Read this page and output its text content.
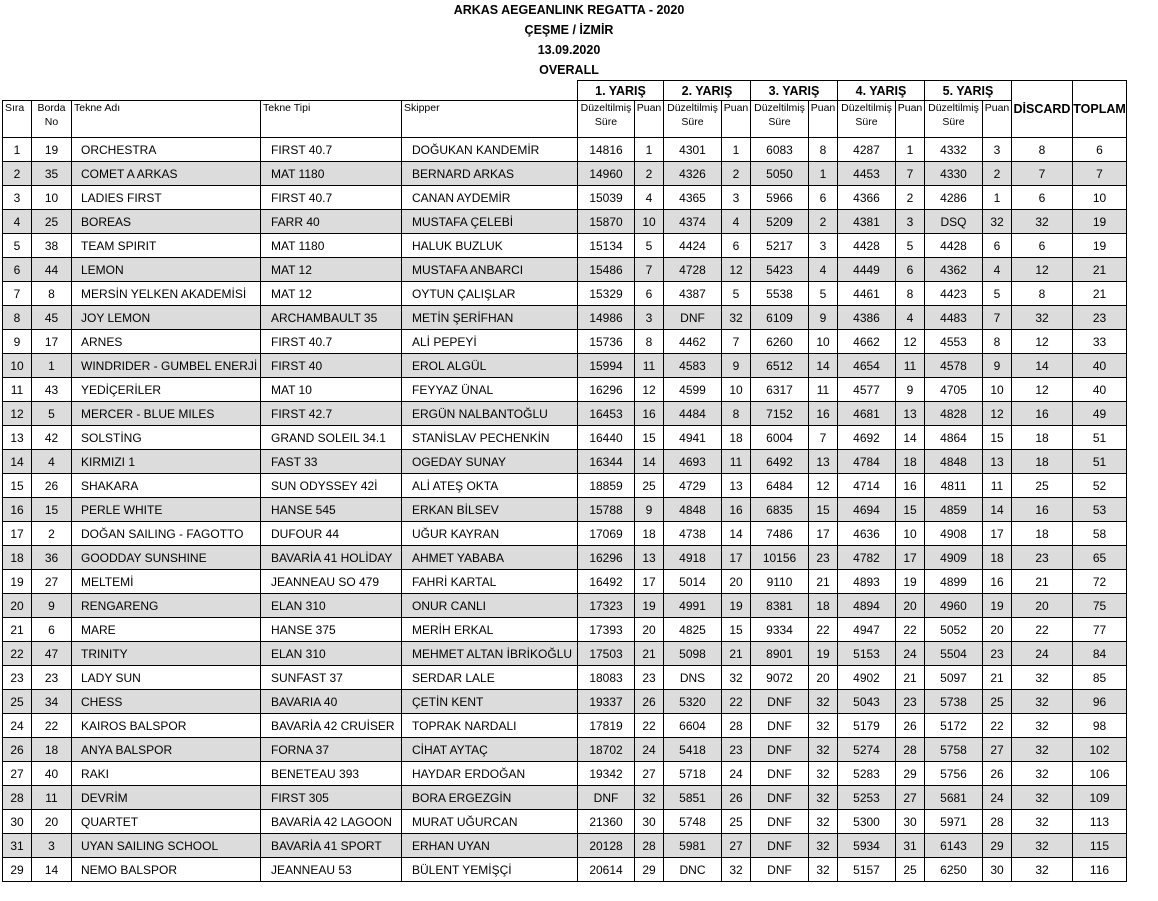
ARKAS AEGEANLINK REGATTA - 2020
ÇEŞME / İZMİR
13.09.2020
OVERALL
					1. YARIŞ		2. YARIŞ		3. YARIŞ		4. YARIŞ		5. YARIŞ		DİSCARD	TOPLAM
Sıra	Borda No	Tekne Adı	Tekne Tipi	Skipper	Düzeltilmiş Süre	Puan	Düzeltilmiş Süre	Puan	Düzeltilmiş Süre	Puan	Düzeltilmiş Süre	Puan	Düzeltilmiş Süre	Puan		
1	19	ORCHESTRA	FIRST 40.7	DOĞUKAN KANDEMİR	14816	1	4301	1	6083	8	4287	1	4332	3	8	6
2	35	COMET A ARKAS	MAT 1180	BERNARD ARKAS	14960	2	4326	2	5050	1	4453	7	4330	2	7	7
3	10	LADIES FIRST	FIRST 40.7	CANAN AYDEMİR	15039	4	4365	3	5966	6	4366	2	4286	1	6	10
4	25	BOREAS	FARR 40	MUSTAFA ÇELEBİ	15870	10	4374	4	5209	2	4381	3	DSQ	32	32	19
5	38	TEAM SPIRIT	MAT 1180	HALUK BUZLUK	15134	5	4424	6	5217	3	4428	5	4428	6	6	19
6	44	LEMON	MAT 12	MUSTAFA ANBARCI	15486	7	4728	12	5423	4	4449	6	4362	4	12	21
7	8	MERSİN YELKEN AKADEMİSİ	MAT 12	OYTUN ÇALIŞLAR	15329	6	4387	5	5538	5	4461	8	4423	5	8	21
8	45	JOY LEMON	ARCHAMBAULT 35	METİN ŞERİFHAN	14986	3	DNF	32	6109	9	4386	4	4483	7	32	23
9	17	ARNES	FIRST 40.7	ALİ PEPEYİ	15736	8	4462	7	6260	10	4662	12	4553	8	12	33
10	1	WINDRIDER - GUMBEL ENERJİ	FIRST 40	EROL ALGÜL	15994	11	4583	9	6512	14	4654	11	4578	9	14	40
11	43	YEDİÇERİLER	MAT 10	FEYYAZ ÜNAL	16296	12	4599	10	6317	11	4577	9	4705	10	12	40
12	5	MERCER - BLUE MILES	FIRST 42.7	ERGÜN NALBANTOĞLU	16453	16	4484	8	7152	16	4681	13	4828	12	16	49
13	42	SOLSTİNG	GRAND SOLEIL 34.1	STANİSLAV PECHENKİN	16440	15	4941	18	6004	7	4692	14	4864	15	18	51
14	4	KIRMIZI 1	FAST 33	OGEDAY SUNAY	16344	14	4693	11	6492	13	4784	18	4848	13	18	51
15	26	SHAKARA	SUN ODYSSEY 42İ	ALİ ATEŞ OKTA	18859	25	4729	13	6484	12	4714	16	4811	11	25	52
16	15	PERLE WHITE	HANSE 545	ERKAN BİLSEV	15788	9	4848	16	6835	15	4694	15	4859	14	16	53
17	2	DOĞAN SAILING - FAGOTTO	DUFOUR 44	UĞUR KAYRAN	17069	18	4738	14	7486	17	4636	10	4908	17	18	58
18	36	GOODDAY SUNSHINE	BAVARİA 41 HOLİDAY	AHMET YABABA	16296	13	4918	17	10156	23	4782	17	4909	18	23	65
19	27	MELTEMİ	JEANNEAU SO 479	FAHRİ KARTAL	16492	17	5014	20	9110	21	4893	19	4899	16	21	72
20	9	RENGARENG	ELAN 310	ONUR CANLI	17323	19	4991	19	8381	18	4894	20	4960	19	20	75
21	6	MARE	HANSE 375	MERİH ERKAL	17393	20	4825	15	9334	22	4947	22	5052	20	22	77
22	47	TRINITY	ELAN 310	MEHMET ALTAN İBRİKOĞLU	17503	21	5098	21	8901	19	5153	24	5504	23	24	84
23	23	LADY SUN	SUNFAST 37	SERDAR LALE	18083	23	DNS	32	9072	20	4902	21	5097	21	32	85
25	34	CHESS	BAVARIA 40	ÇETİN KENT	19337	26	5320	22	DNF	32	5043	23	5738	25	32	96
24	22	KAIROS BALSPOR	BAVARİA 42 CRUİSER	TOPRAK NARDALI	17819	22	6604	28	DNF	32	5179	26	5172	22	32	98
26	18	ANYA BALSPOR	FORNA 37	CİHAT AYTAÇ	18702	24	5418	23	DNF	32	5274	28	5758	27	32	102
27	40	RAKI	BENETEAU 393	HAYDAR ERDOĞAN	19342	27	5718	24	DNF	32	5283	29	5756	26	32	106
28	11	DEVRİM	FIRST 305	BORA ERGEZGİN	DNF	32	5851	26	DNF	32	5253	27	5681	24	32	109
30	20	QUARTET	BAVARİA 42 LAGOON	MURAT UĞURCAN	21360	30	5748	25	DNF	32	5300	30	5971	28	32	113
31	3	UYAN SAILING SCHOOL	BAVARİA 41 SPORT	ERHAN UYAN	20128	28	5981	27	DNF	32	5934	31	6143	29	32	115
29	14	NEMO BALSPOR	JEANNEAU 53	BÜLENT YEMİŞÇİ	20614	29	DNC	32	DNF	32	5157	25	6250	30	32	116
